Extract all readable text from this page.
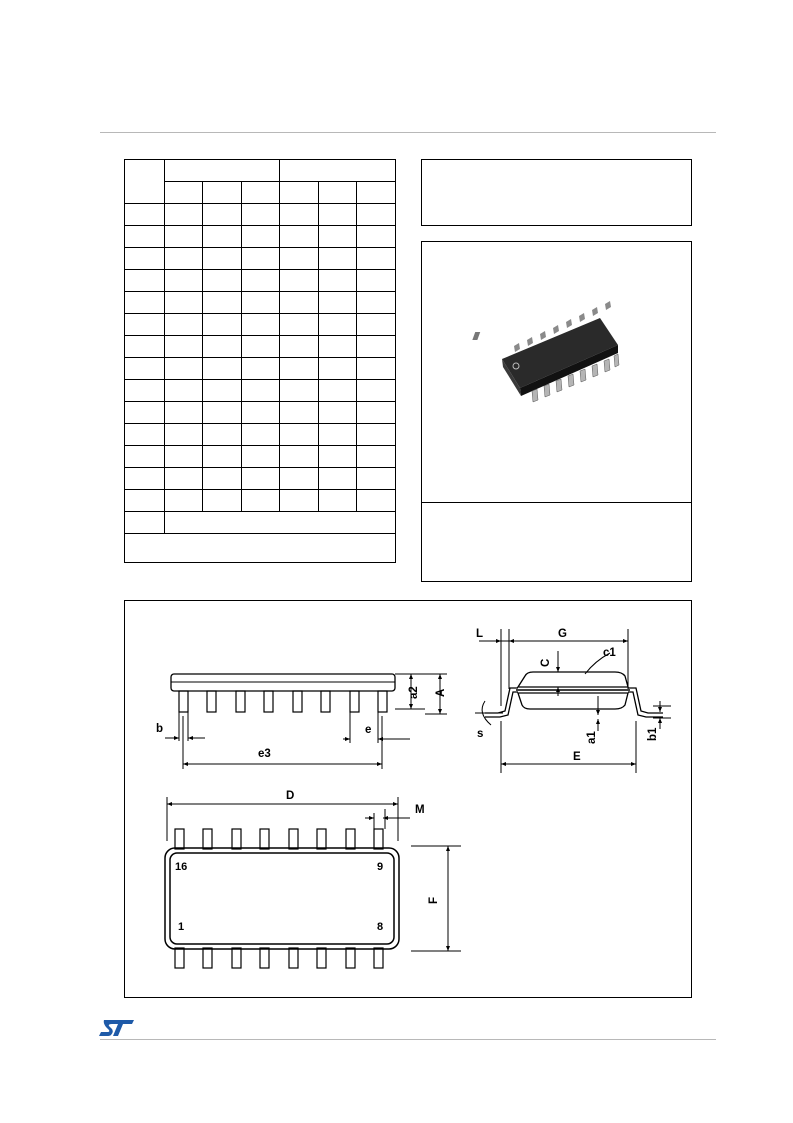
b	e
e3
a2 A
L	G
C
c1
s	a1	b1
E
D
M
F
16	9
1	8
